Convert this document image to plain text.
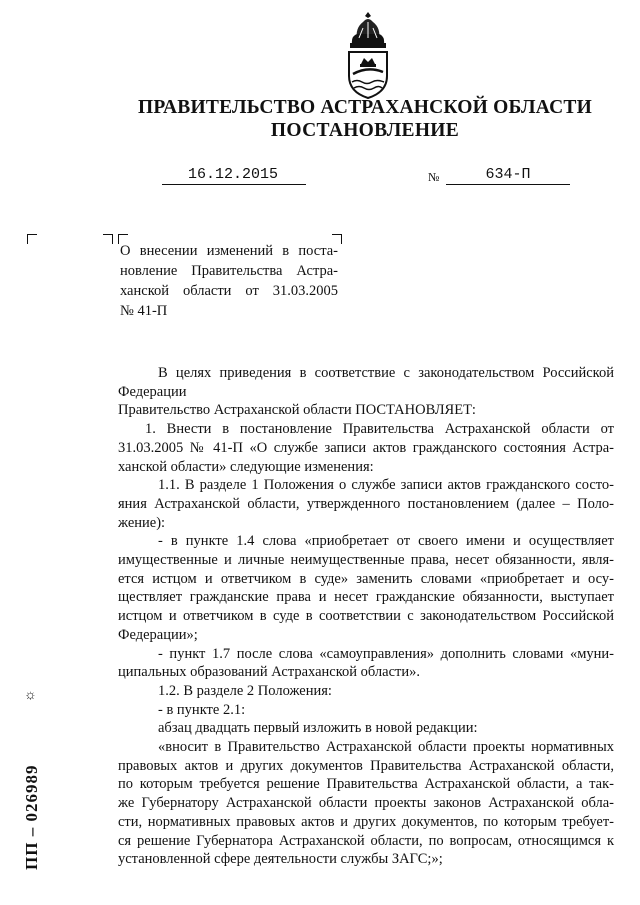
ПРАВИТЕЛЬСТВО АСТРАХАНСКОЙ ОБЛАСТИ
ПОСТАНОВЛЕНИЕ
16.12.2015	№	634-П
О внесении изменений в поста-
новление Правительства Астра-
ханской области от 31.03.2005
№ 41-П
В целях приведения в соответствие с законодательством Российской
Федерации
Правительство Астраханской области ПОСТАНОВЛЯЕТ:
1. Внести в постановление Правительства Астраханской области от
31.03.2005 № 41-П «О службе записи актов гражданского состояния Астра-
ханской области» следующие изменения:
1.1. В разделе 1 Положения о службе записи актов гражданского состо-
яния Астраханской области, утвержденного постановлением (далее – Поло-
жение):
- в пункте 1.4 слова «приобретает от своего имени и осуществляет
имущественные и личные неимущественные права, несет обязанности, явля-
ется истцом и ответчиком в суде» заменить словами «приобретает и осу-
ществляет гражданские права и несет гражданские обязанности, выступает
истцом и ответчиком в суде в соответствии с законодательством Российской
Федерации»;
- пункт 1.7 после слова «самоуправления» дополнить словами «муни-
ципальных образований Астраханской области».
1.2. В разделе 2 Положения:
- в пункте 2.1:
абзац двадцать первый изложить в новой редакции:
«вносит в Правительство Астраханской области проекты нормативных
правовых актов и других документов Правительства Астраханской области,
по которым требуется решение Правительства Астраханской области, а так-
же Губернатору Астраханской области проекты законов Астраханской обла-
сти, нормативных правовых актов и других документов, по которым требует-
ся решение Губернатора Астраханской области, по вопросам, относящимся к
установленной сфере деятельности службы ЗАГС;»;
☼
ПП – 026989
